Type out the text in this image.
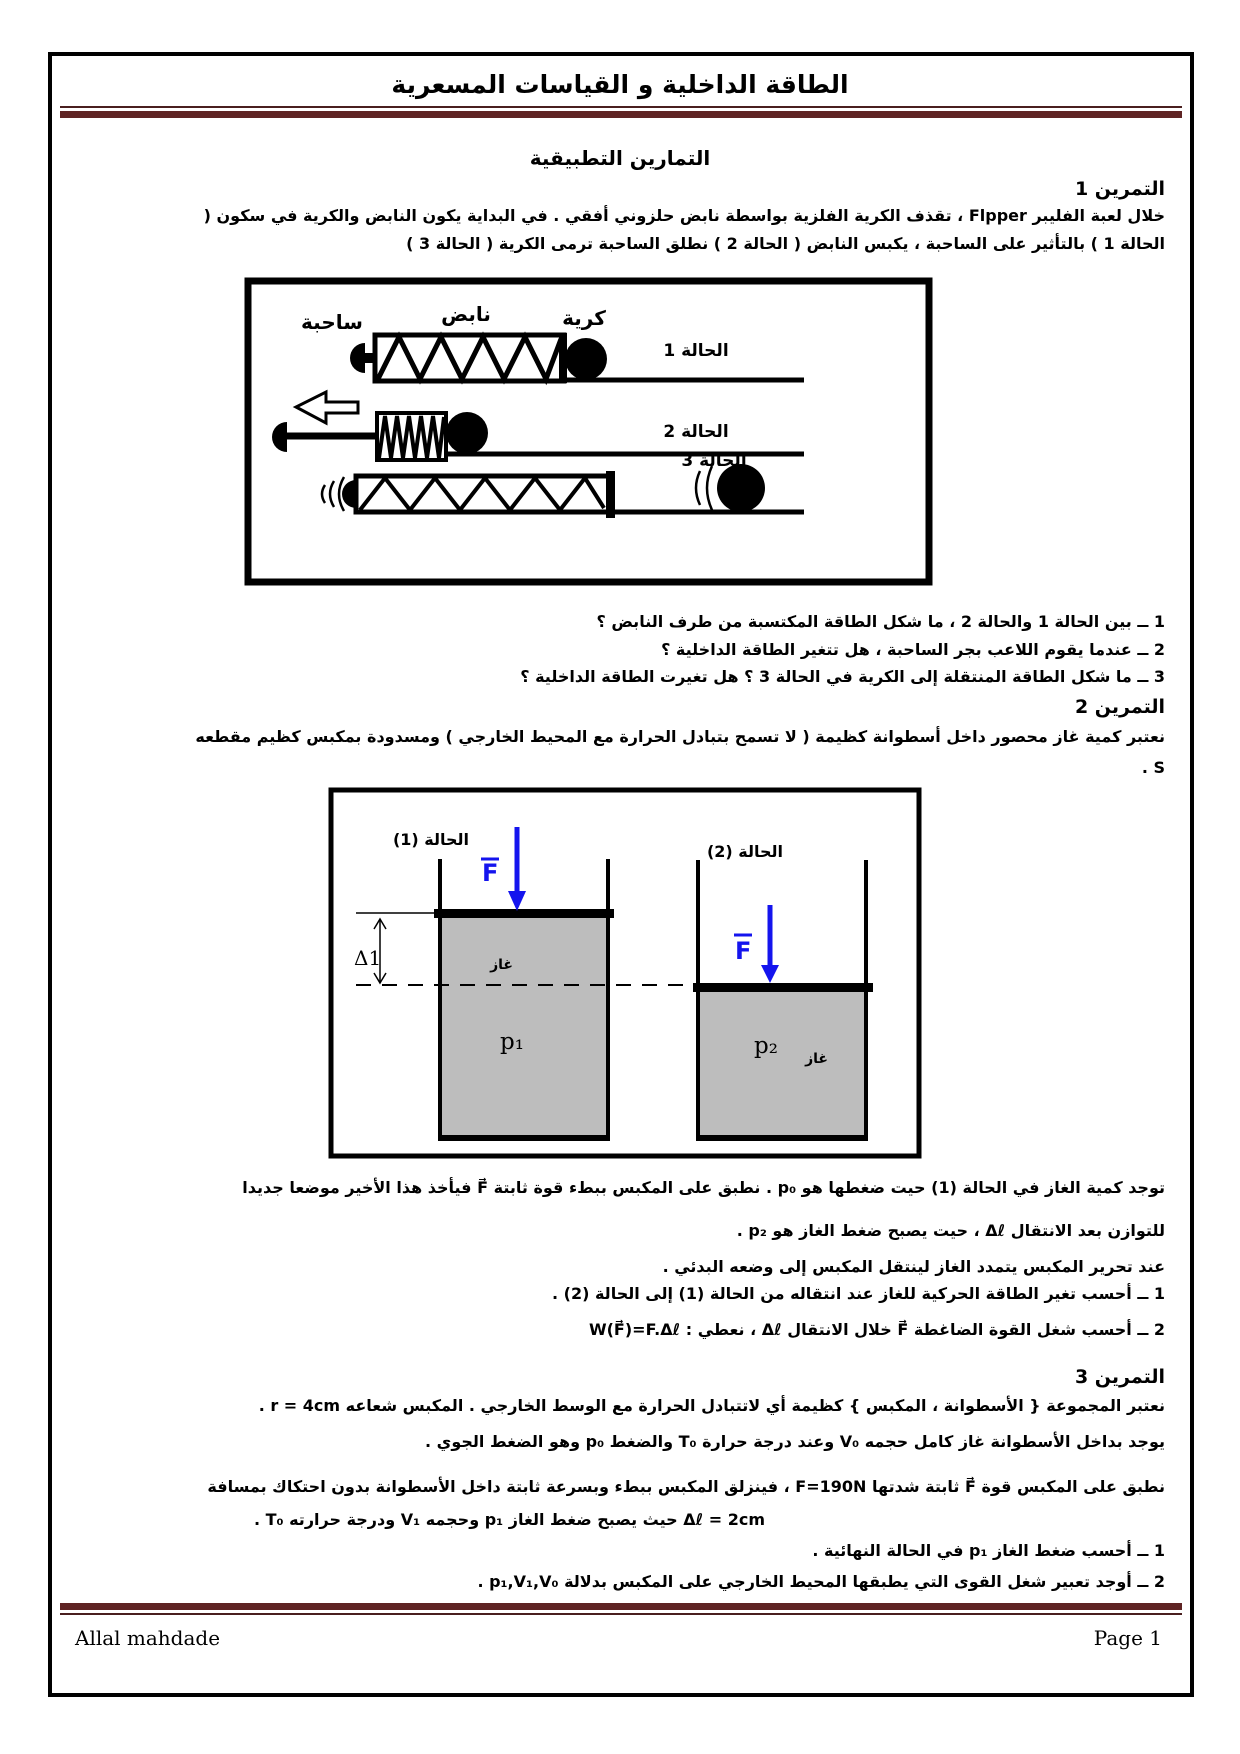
الطاقة الداخلية و القياسات المسعرية
التمارين التطبيقية
التمرين 1
خلال لعبة الفليبر Flpper ، تقذف الكرية الفلزية بواسطة نابض حلزوني أفقي . في البداية يكون النابض والكرية في سكون (
الحالة 1 ) بالتأثير على الساحبة ، يكبس النابض ( الحالة 2 ) نطلق الساحبة ترمى الكرية ( الحالة 3 )
ساحبة	نابض	كرية
الحالة 1
الحالة 2
الحالة 3
1 ــ بين الحالة 1 والحالة 2 ، ما شكل الطاقة المكتسبة من طرف النابض ؟
2 ــ عندما يقوم اللاعب بجر الساحبة ، هل تتغير الطاقة الداخلية ؟
3 ــ ما شكل الطاقة المنتقلة إلى الكرية في الحالة 3 ؟ هل تغيرت الطاقة الداخلية ؟
التمرين 2
نعتبر كمية غاز محصور داخل أسطوانة كظيمة ( لا تسمح بتبادل الحرارة مع المحيط الخارجي ) ومسدودة بمكبس كظيم مقطعه
S .
الحالة (1)
الحالة (2)
F
غاز
p₁
Δ1	F
p₂ غاز
توجد كمية الغاز في الحالة (1) حيت ضغطها هو p₀ . نطبق على المكبس ببطء قوة ثابتة F⃗ فيأخذ هذا الأخير موضعا جديدا
للتوازن بعد الانتقال Δℓ ، حيت يصبح ضغط الغاز هو p₂ .
عند تحرير المكبس يتمدد الغاز لينتقل المكبس إلى وضعه البدئي .
1 ــ أحسب تغير الطاقة الحركية للغاز عند انتقاله من الحالة (1) إلى الحالة (2) .
2 ــ أحسب شغل القوة الضاغطة F⃗ خلال الانتقال Δℓ ، نعطي : W(F⃗)=F.Δℓ
التمرين 3
نعتبر المجموعة { الأسطوانة ، المكبس } كظيمة أي لاتتبادل الحرارة مع الوسط الخارجي . المكبس شعاعه r = 4cm .
يوجد بداخل الأسطوانة غاز كامل حجمه V₀ وعند درجة حرارة T₀ والضغط p₀ وهو الضغط الجوي .
نطبق على المكبس قوة F⃗ ثابتة شدتها F=190N ، فينزلق المكبس ببطء وبسرعة ثابتة داخل الأسطوانة بدون احتكاك بمسافة
Δℓ = 2cm حيث يصبح ضغط الغاز p₁ وحجمه V₁ ودرجة حرارته T₀ .
1 ــ أحسب ضغط الغاز p₁ في الحالة النهائية .
2 ــ أوجد تعبير شغل القوى التي يطبقها المحيط الخارجي على المكبس بدلالة p₁,V₁,V₀ .
Allal mahdade	Page 1
